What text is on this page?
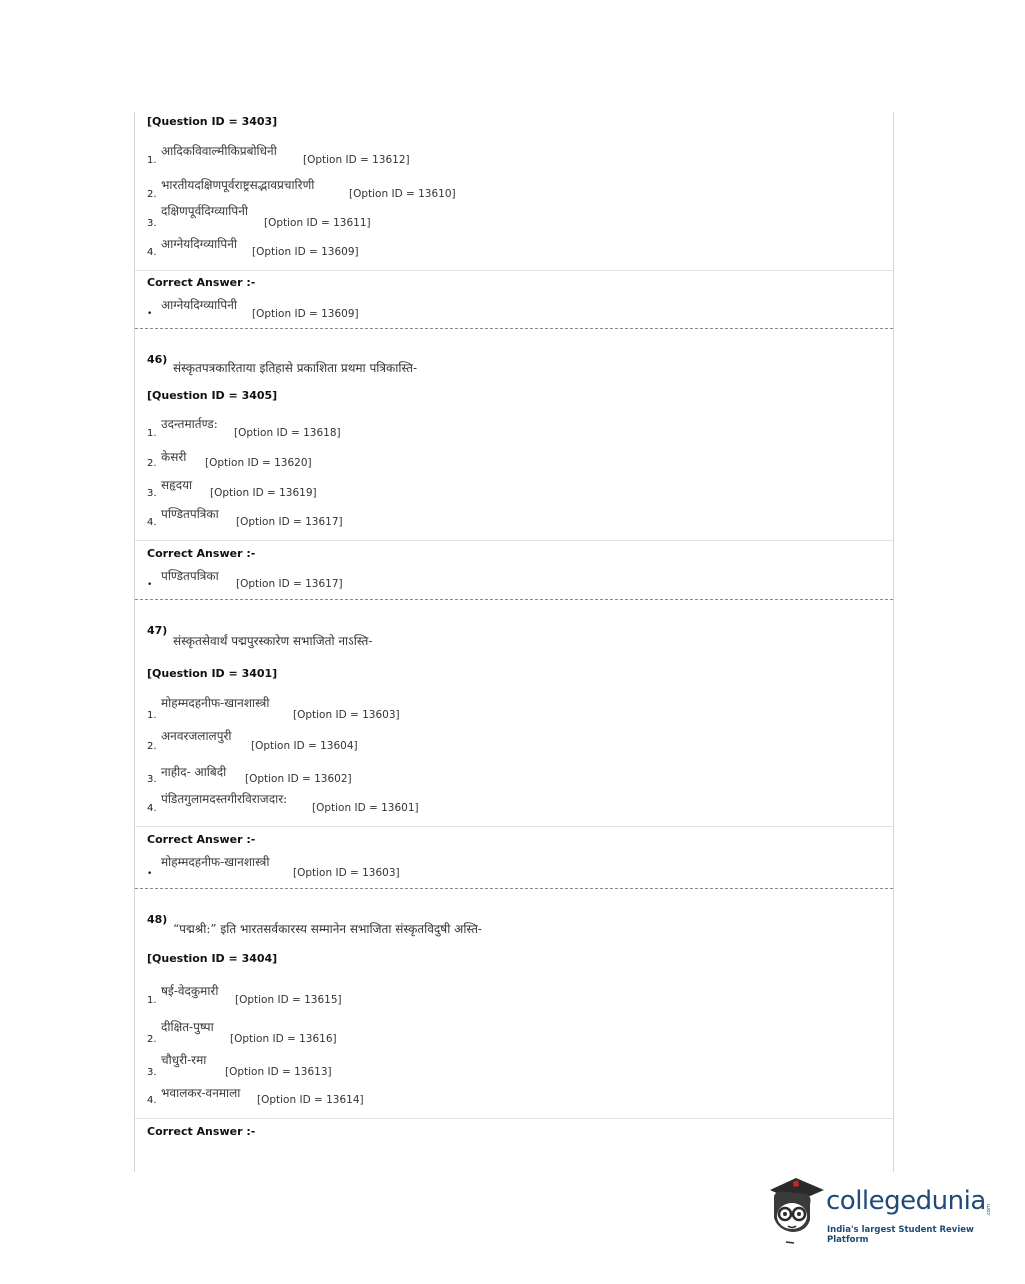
[Question ID = 3403]
1.
आदिकविवाल्मीकिप्रबोधिनी
[Option ID = 13612]
2.
भारतीयदक्षिणपूर्वराष्ट्रसद्भावप्रचारिणी
[Option ID = 13610]
3.
दक्षिणपूर्वदिग्व्यापिनी
[Option ID = 13611]
4.
आग्नेयदिग्व्यापिनी
[Option ID = 13609]
Correct Answer :-
•
आग्नेयदिग्व्यापिनी
[Option ID = 13609]
46)
संस्कृतपत्रकारिताया इतिहासे प्रकाशिता प्रथमा पत्रिकास्ति-
[Question ID = 3405]
1.
उदन्तमार्तण्ड:
[Option ID = 13618]
2. केसरी [Option ID = 13620]
3.
सहृदया
[Option ID = 13619]
4.
पण्डितपत्रिका
[Option ID = 13617]
Correct Answer :-
•
पण्डितपत्रिका
[Option ID = 13617]
47)
संस्कृतसेवार्थं पद्मपुरस्कारेण सभाजितो नाऽस्ति-
[Question ID = 3401]
1.
मोहम्मदहनीफ-खानशास्त्री
[Option ID = 13603]
2.
अनवरजलालपुरी
[Option ID = 13604]
3.
नाहीद- आबिदी [Option ID = 13602]
4.
पंडितगुलामदस्तगीरविराजदार:
[Option ID = 13601]
Correct Answer :-
•
मोहम्मदहनीफ-खानशास्त्री
[Option ID = 13603]
48)
“पद्मश्री:” इति भारतसर्वकारस्य सम्मानेन सभाजिता संस्कृतविदुषी अस्ति-
[Question ID = 3404]
1.
षई-वेदकुमारी
[Option ID = 13615]
2.
दीक्षित-पुष्पा
[Option ID = 13616]
3.
चौधुरी-रमा
[Option ID = 13613]
4.
भवालकर-वनमाला [Option ID = 13614]
Correct Answer :-
collegedunia .com
India's largest Student Review Platform
